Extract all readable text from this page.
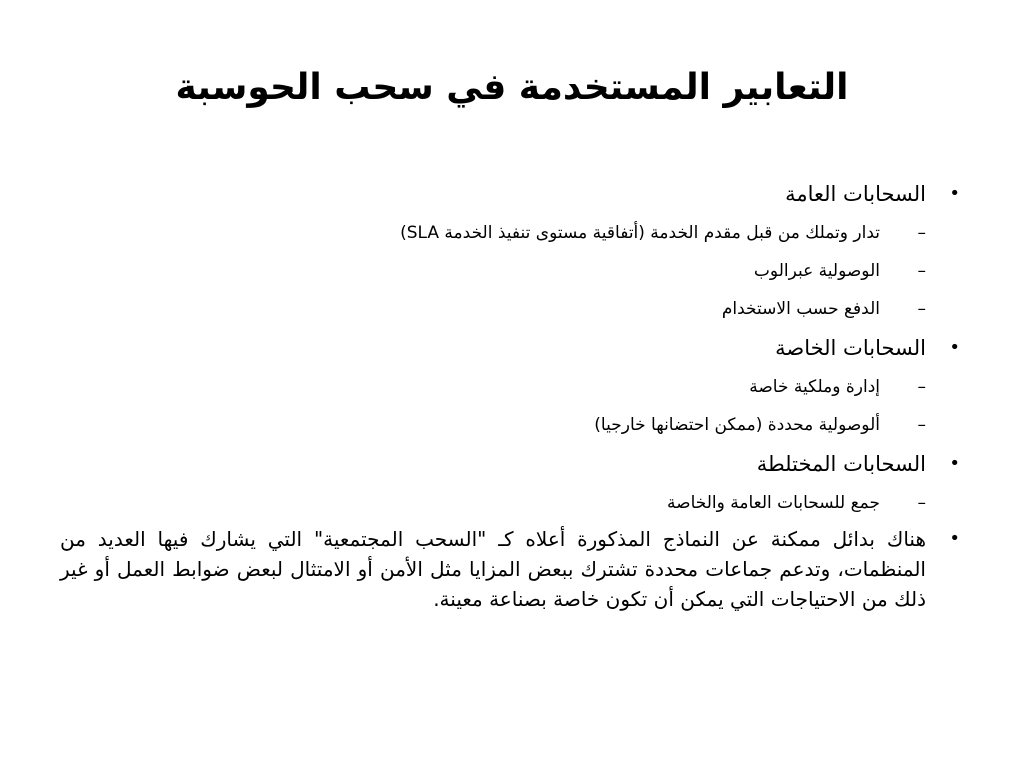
التعابير المستخدمة في سحب الحوسبة
•
السحابات العامة
–
تدار وتملك من قبل مقدم الخدمة (أتفاقية مستوى تنفيذ الخدمة SLA)
–
الوصولية عبرالوب
–
الدفع حسب الاستخدام
•
السحابات الخاصة
–
إدارة وملكية خاصة
–
ألوصولية محددة (ممكن احتضانها خارجيا)
•
السحابات المختلطة
–
جمع للسحابات العامة والخاصة
•
هناك بدائل ممكنة عن النماذج المذكورة أعلاه كـ "السحب المجتمعية" التي يشارك فيها العديد من المنظمات، وتدعم جماعات محددة تشترك ببعض المزايا مثل الأمن أو الامتثال لبعض ضوابط العمل أو غير ذلك من الاحتياجات التي يمكن أن تكون خاصة بصناعة معينة.
